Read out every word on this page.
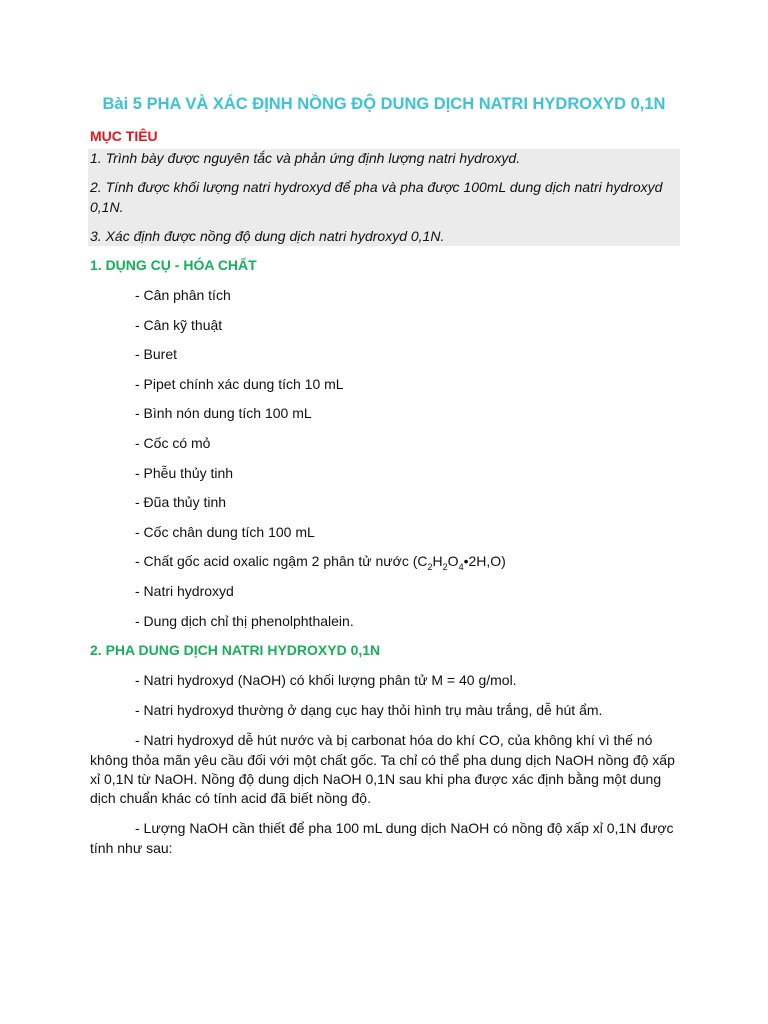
Bài 5 PHA VÀ XÁC ĐỊNH NỒNG ĐỘ DUNG DỊCH NATRI HYDROXYD 0,1N
MỤC TIÊU

1. Trình bày được nguyên tắc và phản ứng định lượng natri hydroxyd.

2. Tính được khối lượng natri hydroxyd để pha và pha được 100mL dung dịch natri hydroxyd 0,1N.

3. Xác định được nồng độ dung dịch natri hydroxyd 0,1N.

1. DỤNG CỤ - HÓA CHẤT
- Cân phân tích
- Cân kỹ thuật
- Buret
- Pipet chính xác dung tích 10 mL
- Bình nón dung tích 100 mL
- Cốc có mỏ
- Phễu thủy tinh
- Đũa thủy tinh
- Cốc chân dung tích 100 mL
- Chất gốc acid oxalic ngậm 2 phân tử nước $(C_2H_2O_4•2H,O)$
- Natri hydroxyd
- Dung dịch chỉ thị phenolphthalein.
2. PHA DUNG DỊCH NATRI HYDROXYD 0,1N

- Natri hydroxyd (NaOH) có khối lượng phân tử M = 40 g/mol.

- Natri hydroxyd thường ở dạng cục hay thỏi hình trụ màu trắng, dễ hút ẩm.

- Natri hydroxyd dễ hút nước và bị carbonat hóa do khí CO, của không khí vì thế nó không thỏa mãn yêu cầu đối với một chất gốc. Ta chỉ có thể pha dung dịch NaOH nồng độ xấp xỉ 0,1N từ NaOH. Nồng độ dung dịch NaOH 0,1N sau khi pha được xác định bằng một dung dịch chuẩn khác có tính acid đã biết nồng độ.

- Lượng NaOH cần thiết để pha 100 mL dung dịch NaOH có nồng độ xấp xỉ 0,1N được tính như sau:
